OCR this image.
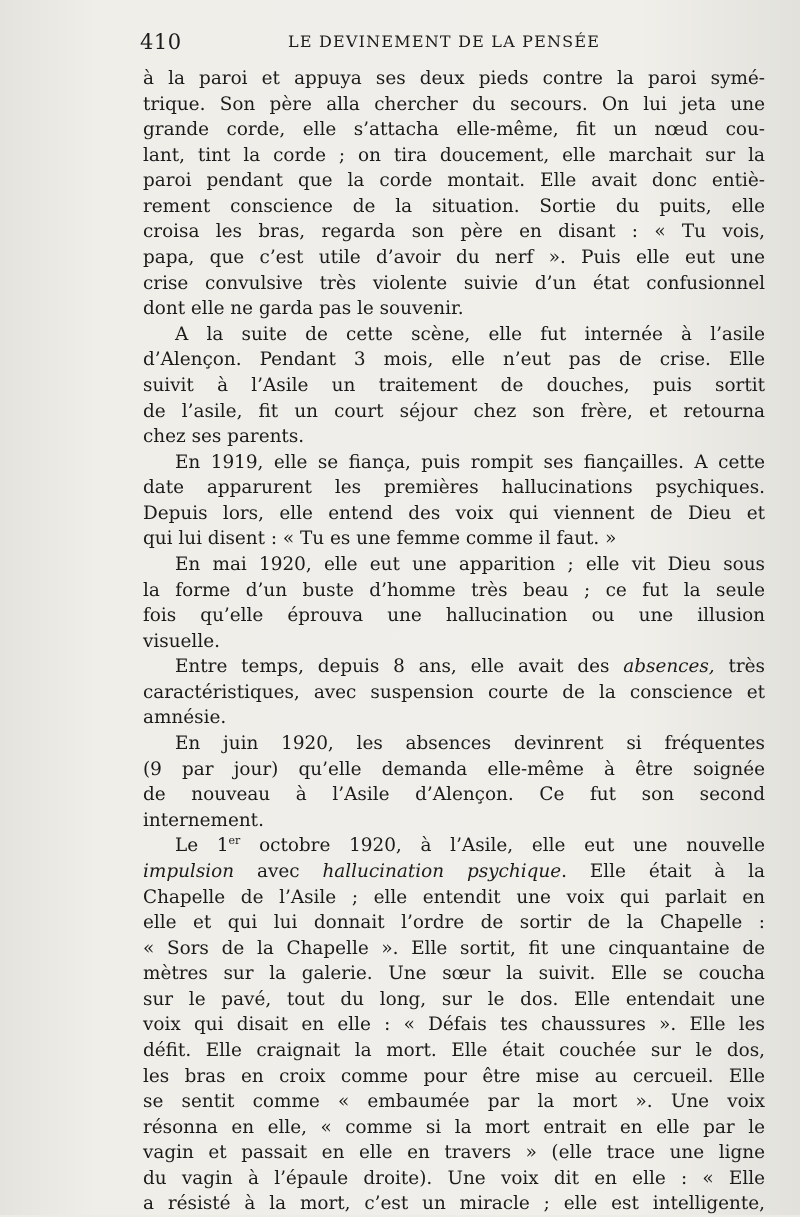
410	LE DEVINEMENT DE LA PENSÉE
à la paroi et appuya ses deux pieds contre la paroi symé-
trique. Son père alla chercher du secours. On lui jeta une
grande corde, elle s’attacha elle-même, fit un nœud cou-
lant, tint la corde ; on tira doucement, elle marchait sur la
paroi pendant que la corde montait. Elle avait donc entiè-
rement conscience de la situation. Sortie du puits, elle
croisa les bras, regarda son père en disant : « Tu vois,
papa, que c’est utile d’avoir du nerf ». Puis elle eut une
crise convulsive très violente suivie d’un état confusionnel
dont elle ne garda pas le souvenir.
A la suite de cette scène, elle fut internée à l’asile
d’Alençon. Pendant 3 mois, elle n’eut pas de crise. Elle
suivit à l’Asile un traitement de douches, puis sortit
de l’asile, fit un court séjour chez son frère, et retourna
chez ses parents.
En 1919, elle se fiança, puis rompit ses fiançailles. A cette
date apparurent les premières hallucinations psychiques.
Depuis lors, elle entend des voix qui viennent de Dieu et
qui lui disent : « Tu es une femme comme il faut. »
En mai 1920, elle eut une apparition ; elle vit Dieu sous
la forme d’un buste d’homme très beau ; ce fut la seule
fois qu’elle éprouva une hallucination ou une illusion
visuelle.
Entre temps, depuis 8 ans, elle avait des absences, très
caractéristiques, avec suspension courte de la conscience et
amnésie.
En juin 1920, les absences devinrent si fréquentes
(9 par jour) qu’elle demanda elle-même à être soignée
de nouveau à l’Asile d’Alençon. Ce fut son second
internement.
Le 1er octobre 1920, à l’Asile, elle eut une nouvelle
impulsion avec hallucination psychique. Elle était à la
Chapelle de l’Asile ; elle entendit une voix qui parlait en
elle et qui lui donnait l’ordre de sortir de la Chapelle :
« Sors de la Chapelle ». Elle sortit, fit une cinquantaine de
mètres sur la galerie. Une sœur la suivit. Elle se coucha
sur le pavé, tout du long, sur le dos. Elle entendait une
voix qui disait en elle : « Défais tes chaussures ». Elle les
défit. Elle craignait la mort. Elle était couchée sur le dos,
les bras en croix comme pour être mise au cercueil. Elle
se sentit comme « embaumée par la mort ». Une voix
résonna en elle, « comme si la mort entrait en elle par le
vagin et passait en elle en travers » (elle trace une ligne
du vagin à l’épaule droite). Une voix dit en elle : « Elle
a résisté à la mort, c’est un miracle ; elle est intelligente,
